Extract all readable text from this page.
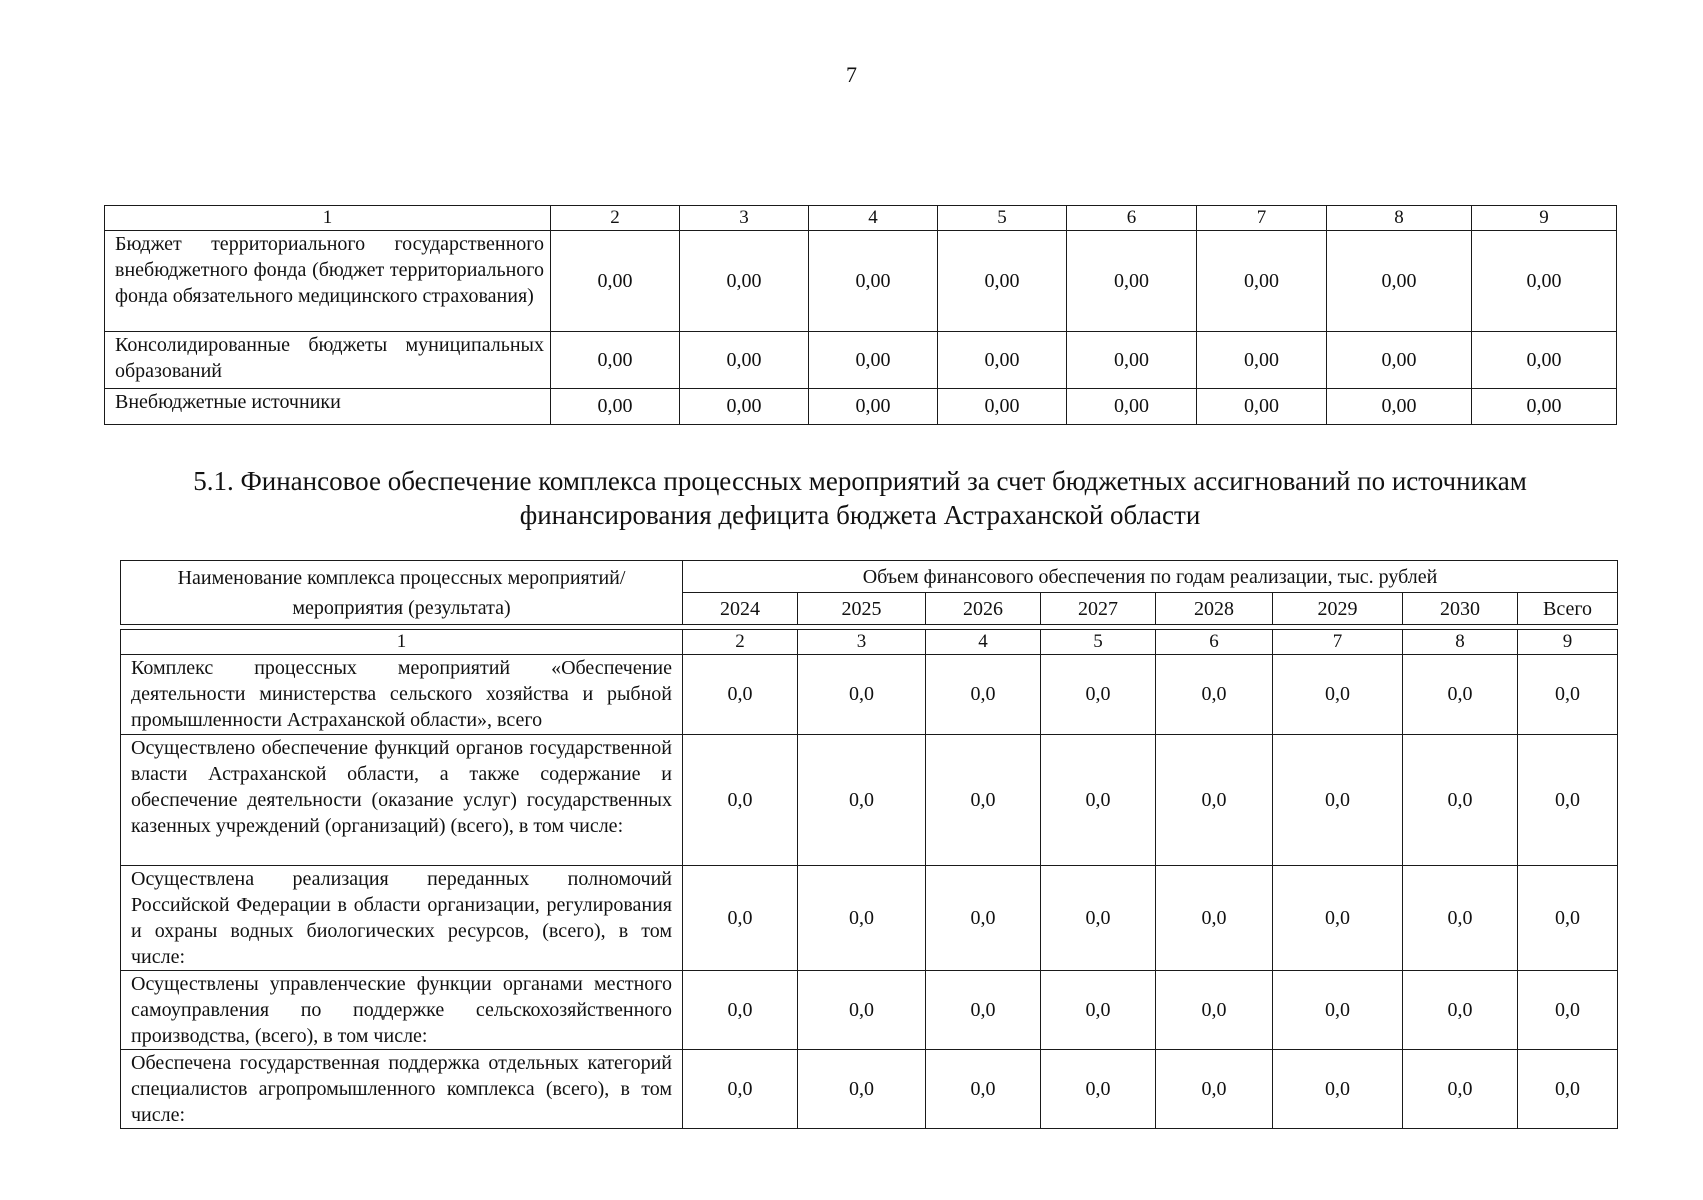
7
1	2	3	4	5	6	7	8	9
Бюджет территориального государственного внебюджетного фонда (бюджет территориального фонда обязательного медицинского страхования)	0,00	0,00	0,00	0,00	0,00	0,00	0,00	0,00
Консолидированные бюджеты муниципальных образований	0,00	0,00	0,00	0,00	0,00	0,00	0,00	0,00
Внебюджетные источники	0,00	0,00	0,00	0,00	0,00	0,00	0,00	0,00
5.1. Финансовое обеспечение комплекса процессных мероприятий за счет бюджетных ассигнований по источникам финансирования дефицита бюджета Астраханской области
Наименование комплекса процессных мероприятий/ мероприятия (результата)	Объем финансового обеспечения по годам реализации, тыс. рублей							
	2024	2025	2026	2027	2028	2029	2030	Всего

1	2	3	4	5	6	7	8	9
Комплекс процессных мероприятий «Обеспечение деятельности министерства сельского хозяйства и рыбной промышленности Астраханской области», всего	0,0	0,0	0,0	0,0	0,0	0,0	0,0	0,0
Осуществлено обеспечение функций органов государственной власти Астраханской области, а также содержание и обеспечение деятельности (оказание услуг) государственных казенных учреждений (организаций) (всего), в том числе:	0,0	0,0	0,0	0,0	0,0	0,0	0,0	0,0
Осуществлена реализация переданных полномочий Российской Федерации в области организации, регулирования и охраны водных биологических ресурсов, (всего), в том числе:	0,0	0,0	0,0	0,0	0,0	0,0	0,0	0,0
Осуществлены управленческие функции органами местного самоуправления по поддержке сельскохозяйственного производства, (всего), в том числе:	0,0	0,0	0,0	0,0	0,0	0,0	0,0	0,0
Обеспечена государственная поддержка отдельных категорий специалистов агропромышленного комплекса (всего), в том числе:	0,0	0,0	0,0	0,0	0,0	0,0	0,0	0,0
